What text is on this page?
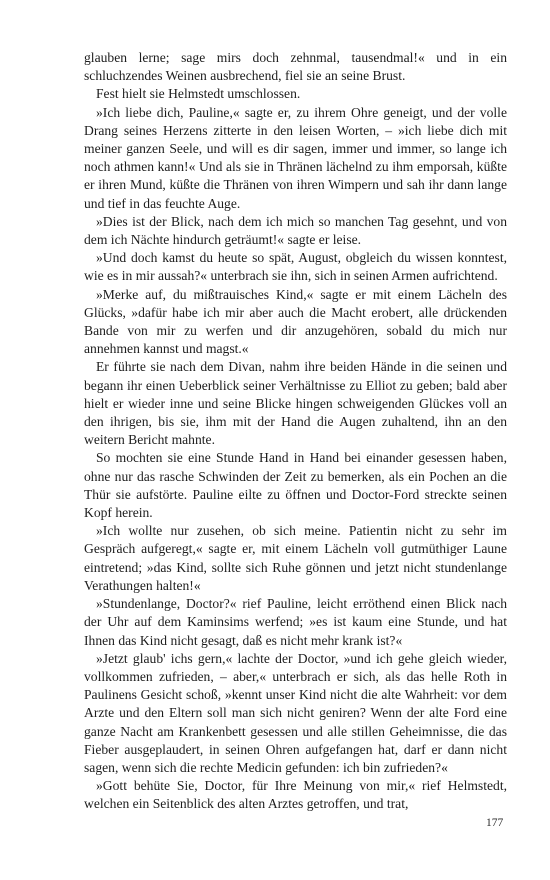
glauben lerne; sage mirs doch zehnmal, tausendmal!« und in ein schluchzendes Weinen ausbrechend, fiel sie an seine Brust.

Fest hielt sie Helmstedt umschlossen.

»Ich liebe dich, Pauline,« sagte er, zu ihrem Ohre geneigt, und der volle Drang seines Herzens zitterte in den leisen Worten, – »ich liebe dich mit meiner ganzen Seele, und will es dir sagen, immer und immer, so lange ich noch athmen kann!« Und als sie in Thränen lächelnd zu ihm emporsah, küßte er ihren Mund, küßte die Thränen von ihren Wimpern und sah ihr dann lange und tief in das feuchte Auge.

»Dies ist der Blick, nach dem ich mich so manchen Tag gesehnt, und von dem ich Nächte hindurch geträumt!« sagte er leise.

»Und doch kamst du heute so spät, August, obgleich du wissen konntest, wie es in mir aussah?« unterbrach sie ihn, sich in seinen Armen aufrichtend.

»Merke auf, du mißtrauisches Kind,« sagte er mit einem Lächeln des Glücks, »dafür habe ich mir aber auch die Macht erobert, alle drückenden Bande von mir zu werfen und dir anzugehören, sobald du mich nur annehmen kannst und magst.«

Er führte sie nach dem Divan, nahm ihre beiden Hände in die seinen und begann ihr einen Ueberblick seiner Verhältnisse zu Elliot zu geben; bald aber hielt er wieder inne und seine Blicke hingen schweigenden Glückes voll an den ihrigen, bis sie, ihm mit der Hand die Augen zuhaltend, ihn an den weitern Bericht mahnte.

So mochten sie eine Stunde Hand in Hand bei einander gesessen haben, ohne nur das rasche Schwinden der Zeit zu bemerken, als ein Pochen an die Thür sie aufstörte. Pauline eilte zu öffnen und Doctor-Ford streckte seinen Kopf herein.

»Ich wollte nur zusehen, ob sich meine. Patientin nicht zu sehr im Gespräch aufgeregt,« sagte er, mit einem Lächeln voll gutmüthiger Laune eintretend; »das Kind, sollte sich Ruhe gönnen und jetzt nicht stundenlange Verathungen halten!«

»Stundenlange, Doctor?« rief Pauline, leicht erröthend einen Blick nach der Uhr auf dem Kaminsims werfend; »es ist kaum eine Stunde, und hat Ihnen das Kind nicht gesagt, daß es nicht mehr krank ist?«

»Jetzt glaub' ichs gern,« lachte der Doctor, »und ich gehe gleich wieder, vollkommen zufrieden, – aber,« unterbrach er sich, als das helle Roth in Paulinens Gesicht schoß, »kennt unser Kind nicht die alte Wahrheit: vor dem Arzte und den Eltern soll man sich nicht geniren? Wenn der alte Ford eine ganze Nacht am Krankenbett gesessen und alle stillen Geheimnisse, die das Fieber ausgeplaudert, in seinen Ohren aufgefangen hat, darf er dann nicht sagen, wenn sich die rechte Medicin gefunden: ich bin zufrieden?«

»Gott behüte Sie, Doctor, für Ihre Meinung von mir,« rief Helmstedt, welchen ein Seitenblick des alten Arztes getroffen, und trat,

177
